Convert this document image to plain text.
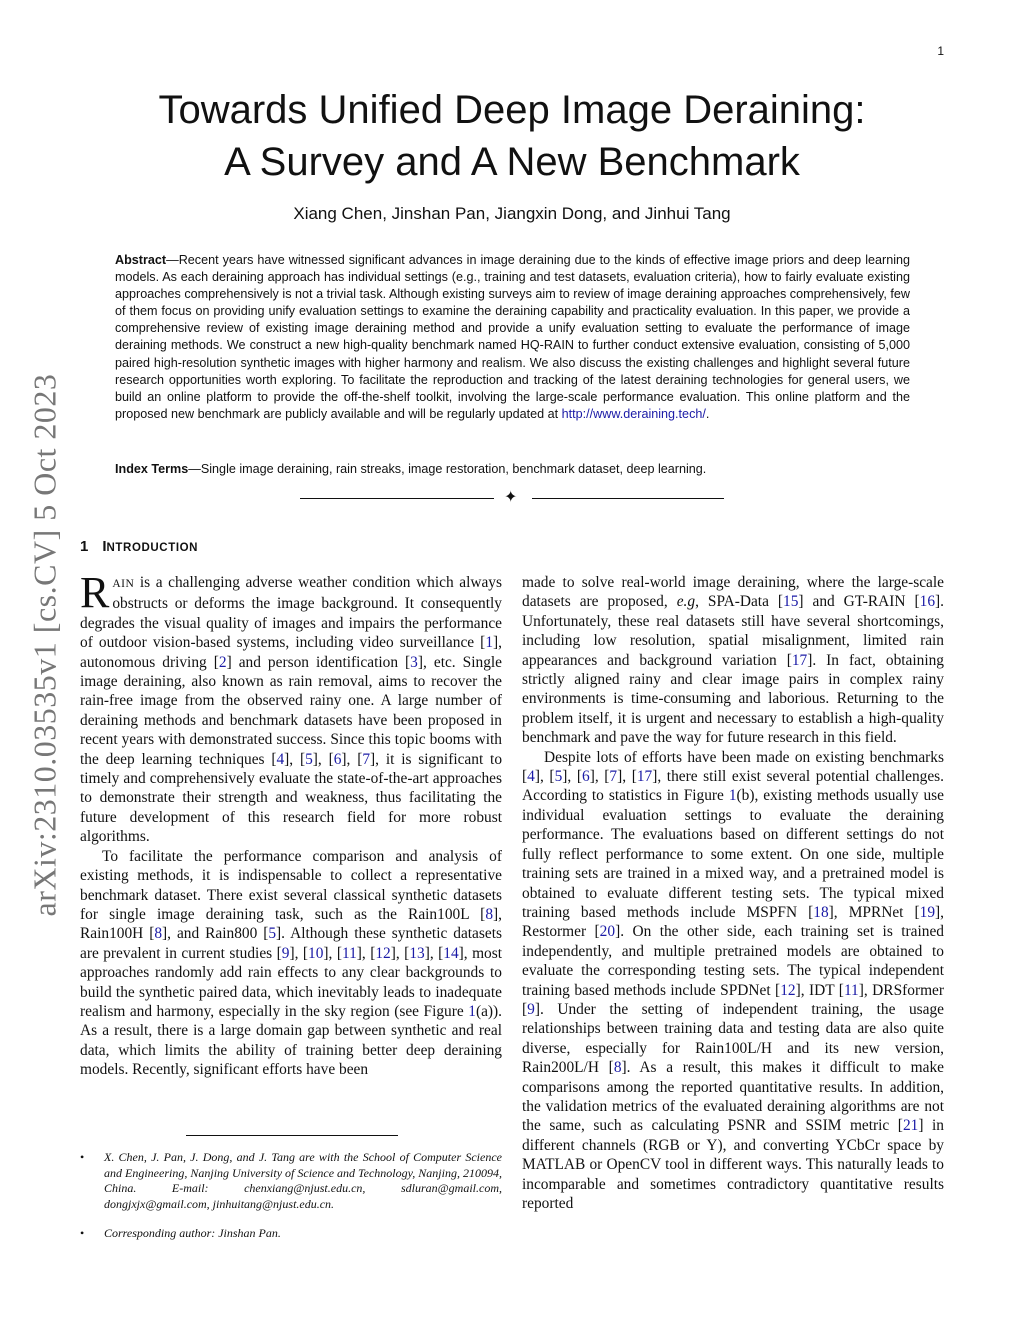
1
arXiv:2310.03535v1 [cs.CV] 5 Oct 2023
Towards Unified Deep Image Deraining:
A Survey and A New Benchmark
Xiang Chen, Jinshan Pan, Jiangxin Dong, and Jinhui Tang

Abstract—Recent years have witnessed significant advances in image deraining due to the kinds of effective image priors and deep learning models. As each deraining approach has individual settings (e.g., training and test datasets, evaluation criteria), how to fairly evaluate existing approaches comprehensively is not a trivial task. Although existing surveys aim to review of image deraining approaches comprehensively, few of them focus on providing unify evaluation settings to examine the deraining capability and practicality evaluation. In this paper, we provide a comprehensive review of existing image deraining method and provide a unify evaluation setting to evaluate the performance of image deraining methods. We construct a new high-quality benchmark named HQ-RAIN to further conduct extensive evaluation, consisting of 5,000 paired high-resolution synthetic images with higher harmony and realism. We also discuss the existing challenges and highlight several future research opportunities worth exploring. To facilitate the reproduction and tracking of the latest deraining technologies for general users, we build an online platform to provide the off-the-shelf toolkit, involving the large-scale performance evaluation. This online platform and the proposed new benchmark are publicly available and will be regularly updated at http://www.deraining.tech/.

Index Terms—Single image deraining, rain streaks, image restoration, benchmark dataset, deep learning.

✦
1 INTRODUCTION

RAIN is a challenging adverse weather condition which always obstructs or deforms the image background. It consequently degrades the visual quality of images and impairs the performance of outdoor vision-based systems, including video surveillance [1], autonomous driving [2] and person identification [3], etc. Single image deraining, also known as rain removal, aims to recover the rain-free image from the observed rainy one. A large number of deraining methods and benchmark datasets have been proposed in recent years with demonstrated success. Since this topic booms with the deep learning techniques [4], [5], [6], [7], it is significant to timely and comprehensively evaluate the state-of-the-art approaches to demonstrate their strength and weakness, thus facilitating the future development of this research field for more robust algorithms.

To facilitate the performance comparison and analysis of existing methods, it is indispensable to collect a representative benchmark dataset. There exist several classical synthetic datasets for single image deraining task, such as the Rain100L [8], Rain100H [8], and Rain800 [5]. Although these synthetic datasets are prevalent in current studies [9], [10], [11], [12], [13], [14], most approaches randomly add rain effects to any clear backgrounds to build the synthetic paired data, which inevitably leads to inadequate realism and harmony, especially in the sky region (see Figure 1(a)). As a result, there is a large domain gap between synthetic and real data, which limits the ability of training better deep deraining models. Recently, significant efforts have been

made to solve real-world image deraining, where the large-scale datasets are proposed, e.g, SPA-Data [15] and GT-RAIN [16]. Unfortunately, these real datasets still have several shortcomings, including low resolution, spatial misalignment, limited rain appearances and background variation [17]. In fact, obtaining strictly aligned rainy and clear image pairs in complex rainy environments is time-consuming and laborious. Returning to the problem itself, it is urgent and necessary to establish a high-quality benchmark and pave the way for future research in this field.

Despite lots of efforts have been made on existing benchmarks [4], [5], [6], [7], [17], there still exist several potential challenges. According to statistics in Figure 1(b), existing methods usually use individual evaluation settings to evaluate the deraining performance. The evaluations based on different settings do not fully reflect performance to some extent. On one side, multiple training sets are trained in a mixed way, and a pretrained model is obtained to evaluate different testing sets. The typical mixed training based methods include MSPFN [18], MPRNet [19], Restormer [20]. On the other side, each training set is trained independently, and multiple pretrained models are obtained to evaluate the corresponding testing sets. The typical independent training based methods include SPDNet [12], IDT [11], DRSformer [9]. Under the setting of independent training, the usage relationships between training data and testing data are also quite diverse, especially for Rain100L/H and its new version, Rain200L/H [8]. As a result, this makes it difficult to make comparisons among the reported quantitative results. In addition, the validation metrics of the evaluated deraining algorithms are not the same, such as calculating PSNR and SSIM metric [21] in different channels (RGB or Y), and converting YCbCr space by MATLAB or OpenCV tool in different ways. This naturally leads to incomparable and sometimes contradictory quantitative results reported

• X. Chen, J. Pan, J. Dong, and J. Tang are with the School of Computer Science and Engineering, Nanjing University of Science and Technology, Nanjing, 210094, China. E-mail: chenxiang@njust.edu.cn, sdluran@gmail.com, dongjxjx@gmail.com, jinhuitang@njust.edu.cn.
• Corresponding author: Jinshan Pan.
